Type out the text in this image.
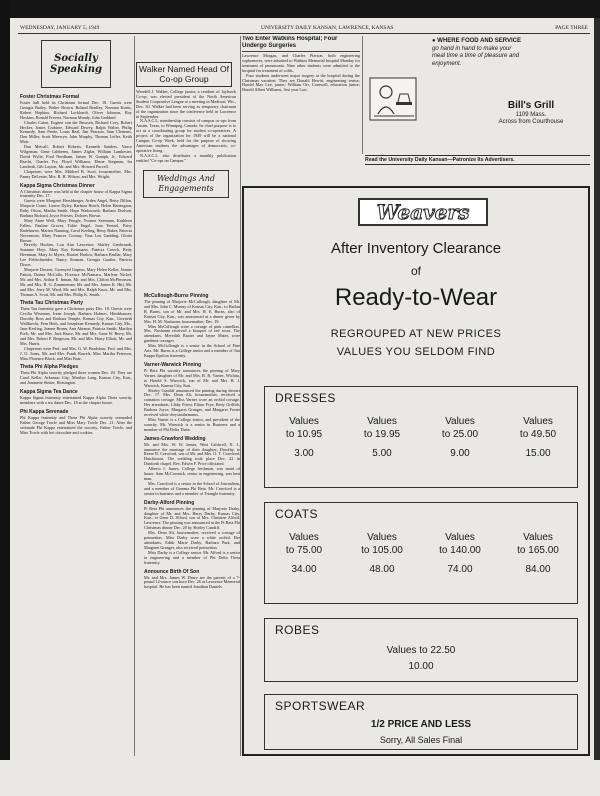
WEDNESDAY, JANUARY 5, 1949	UNIVERSITY DAILY KANSAN, LAWRENCE, KANSAS	PAGE THREE
Socially
Speaking
Foster Christmas Formal
Foster hall held its Christmas formal Dec. 18. Guests were Georgia Bailey, Walter Brown, Roland Bradley, Norman Kurtis, Robert Hopkins, Richard Lockhardt, Oliver Johnson, Roy Hoskins, Ronald Frevert, Norman Mundy, John Goddard.
Charles Caton, Eugene van der Brussen, Richard Cory, Robert Hecker, James Crabtree, Edward Dewey, Ralph Walter, Philip Kennedy, Sam Petrie, Louis Beal, Jim Pearson, Sam Clemons, Don Miller, Scott Meewyn, John Murphy, Thomas Leffer, Keith Mott.
Dan Metcalf, Robert Roberts, Kenneth Sanders, Vance Wilgeman, Gene Cabbeens, James Ziglar, William Lamkester, David Wylie, Fred Needham, James W. Gumph, Jr., Edward Bracht, Charles Fry, Floyd Williams, Elmer Stegman, Ira Landreth, Gib Layton, Mr. and Mrs. Howard Purcell.
Chaperons were Mrs. Mildred B. Scott, housemother, Mrs. Fanny DeLester, Mrs. R. H. Wilson, and Mrs. Wright.
Kappa Sigma Christmas Dinner
A Christmas dinner was held at the chapter house of Kappa Sigma fraternity Dec. 17.
Guests were Margaret Hershberger, Arden Angel, Betsy Dillon, Marjorie Crane, Louise Dyley, Barbara Hutch, Helen Harrington, Ruby Olson, Martha Smith, Hope Wadsworth, Barbara Drolson, Barbara Richard, Joyce Friesen, Dolores Brown.
Mary Anne Wolf, Mary Pringle, Yvonne Seemann, Kathleen Fallen, Pauline Grover, Tobie Engel, Joan Teetzel, Patsy Badehaven, Marion Nanning, Carol Keeling, Betsy Baker, Patricia Nevermore, Mary Frances Coonay, Vina Lou Gadding, Gloria Brown.
Beverly Hoobes, Lou Ann Lawrence, Shirley Giesbrandt, Suzanne Hoyt, Mary Kay Kettmann, Patricia Creech, Betty Heenman, Mary Jo Myers, Harriet Harlow, Barbara Brullar, Mary Lee Feldschneider, Nancy Seaman, Georgia Gaulter, Patricia Dixon.
Marjorie Dossett, Gwenyed Gopton, Mary Helen Keller, Jeanne Pattott, Donna McCalla, Florence McNamara, Marlene Nickel, Mr. and Mrs. Arthur E. Inman, Mr. and Mrs. Clifton McPhearson, Mr. and Mrs. R. G. Zimmerman, Mr. and Mrs. James K. Hitt, Mr. and Mrs. Jerry M. Ward, Mr. and Mrs. Ralph Knox, Mr. and Mrs. Thomas A. Scott, Mr. and Mrs. Philip K. Smith.
Theta Tau Christmas Party
Theta Tau fraternity gave a Christmas party Dec. 18. Guests were Cecilia Wisemen, Irene Joseph, Barbara Holmes, Hindshauser, Dorothy Ross and Barbara Temple, Kansas City, Kan., Gweneth Wallbrecht, Fern Hoth, and Josephine Kennedy, Kansas City, Mo., Jane Keeling, Jeanne Brunn, Ann Abrams, Patricia Smith, Marilyn Poch, Mr. and Mrs. Jack Bruce, Mr. and Mrs. Gene W. Berry, Mr. and Mrs. Robert P. Bergeson, Mr. and Mrs. Harry Elliott, Mr. and Mrs. Harris.
Chaperons were Prof. and Mrs. G. W. Bradshaw, Prof. and Mrs. J. O. Jones, Mr. and Mrs. Frank Bawels, Miss Martha Peterson, Miss Florence Black, and Miss Batz.
Theta Phi Alpha Pledges
Theta Phi Alpha sorority pledged three women Dec. 20. They are Carol Keller, Arkansas City; Marilyn Lang, Kansas City, Kan., and Jeannette Stetter, Hoisington.
Kappa Sigma Tea Dance
Kappa Sigma fraternity entertained Kappa Alpha Theta sorority members with a tea dance Dec. 18 at the chapter house.
Phi Kappa Serenade
Phi Kappa fraternity and Theta Phi Alpha sorority serenaded Father George Towle and Miss Mary Towle Dec. 21. After the serenade Phi Kappa entertained the sorority, Father Towle, and Miss Towle with hot chocolate and cookies.
Walker Named Head Of Co-op Group
Wendell J. Walker, College junior, a resident of Jayhawk Co-op, was elected president of the North American Student Cooperative League at a meeting in Madison, Wis., Dec. 30. Walker had been serving as temporary chairman of the organization since the conference held in Lawrence in September.
N.A.S.C.L. membership consists of campus co-ops from Austin, Texas, to Winnipeg, Canada. Its chief purpose is to act as a coordinating group for student co-operatives. A project of the organization for 1949 will be a national Campus Co-op Week, held for the purpose of showing American students the advantages of democratic, co-operative living.
N.A.S.C.L. also distributes a monthly publication entitled "Co-ops on Campus."
Weddings And
Engagements
McCullough-Burns Pinning
The pinning of Marjorie McCullough, daughter of Mr. and Mrs. John C. Murray of Kansas City, Kan., to Harlan R. Burns, son of Mr. and Mrs. H. E. Burns, also of Kansas City, Kan., was announced at a dinner given by Mrs. H. M. Nusbaum, housemother, Dec. 19.
Miss McCullough wore a corsage of pink camellias. Mrs. Nusbaum received a bouquet of red roses. The attendants, Meredith Baxter and Jayne Mater, wore gardenia corsages.
Miss McCullough is a senior in the School of Fine Arts. Mr. Burns is a College senior and a member of Tau Kappa Epsilon fraternity.
Varner-Warwick Pinning
Pi Beta Phi sorority announces the pinning of Mary Varner, daughter of Mr. and Mrs. R. B. Varner, Wichita, to Harold S. Warwick, son of Mr. and Mrs. R. J. Warwick, Kansas City, Kan.
Shirley Cundiff announced the pinning during dessert Dec. 17. Mrs. Dean Alt, housemother, received a carnation corsage. Miss Varner wore an orchid corsage. Her attendants, Libby Friest, Elinor Frye, Betty Griffith, Barbara Joyce, Margaret Granger, and Margaret Foster received white chrysanthemums.
Miss Varner is a College senior, and president of the sorority. Mr. Warwick is a senior in Business and a member of Phi Delta Theta.
James-Crawford Wedding
Mr. and Mrs. W. W. James, West Caldwell, N. J., announce the marriage of their daughter, Dorothy, to Reese B. Crawford, son of Mr. and Mrs. O. T. Crawford, Hutchinson. The wedding took place Dec. 22 in Danforth chapel. Rev. Edwin F. Price officiated.
Alberta J. James, College freshman, was maid of honor. Sam McCormick, senior in engineering, was best man.
Mrs. Crawford is a senior in the School of Journalism, and a member of Gamma Phi Beta. Mr. Crawford is a senior in business and a member of Triangle fraternity.
Darby-Alford Pinning
Pi Beta Phi announces the pinning of Marjorie Darby, daughter of Mr. and Mrs. Harry Darby, Kansas City, Kan., to Gene D. Alford, son of Mrs. Christine Alford, Lawrence. The pinning was announced at the Pi Beta Phi Christmas dinner Dec. 20 by Shirley Cundiff.
Mrs. Dean Alt, housemother, received a corsage of poinsettias. Miss Darby wore a white orchid. Her attendants, Edith Marie Darby, Barbara Park, and Margaret Granger, also received poinsettias.
Miss Darby is a College senior. Mr. Alford is a senior in engineering and a member of Phi Delta Theta fraternity.
Announce Birth Of Son
Mr. and Mrs. James W. Drury are the parents of a 7-pound 12-ounce son born Dec. 26 at Lawrence Memorial hospital. He has been named Jonathan Daniels.
Two Enter Watkins Hospital; Four Undergo Surgeries
Lawrence Morgan, and Charles Pierson, both engineering sophomores, were admitted to Watkins Memorial hospital Monday for treatment of pneumonia. Nine other students were admitted to the hospital for treatment of colds.
Four students underwent major surgery at the hospital during the Christmas vacation. They are Donald Hewitt, engineering senior; Harold Max Lee, junior; William Orr, Cornwell, education junior; Harold Albert Williams, first year Law.
● WHERE FOOD AND SERVICE
go hand in hand to make your
meal time a time of pleasure and
enjoyment.
Bill's Grill
1109 Mass.
Across from Courthouse
Read the University Daily Kansan—Patronize Its Advertisers.
Weavers
After Inventory Clearance
of
Ready-to-Wear
REGROUPED AT NEW PRICES
VALUES YOU SELDOM FIND
DRESSES
Values
to 10.95
3.00
Values
to 19.95
5.00
Values
to 25.00
9.00
Values
to 49.50
15.00
COATS
Values
to 75.00
34.00
Values
to 105.00
48.00
Values
to 140.00
74.00
Values
to 165.00
84.00
ROBES
Values to 22.50
10.00
SPORTSWEAR
1/2 PRICE AND LESS
Sorry, All Sales Final
